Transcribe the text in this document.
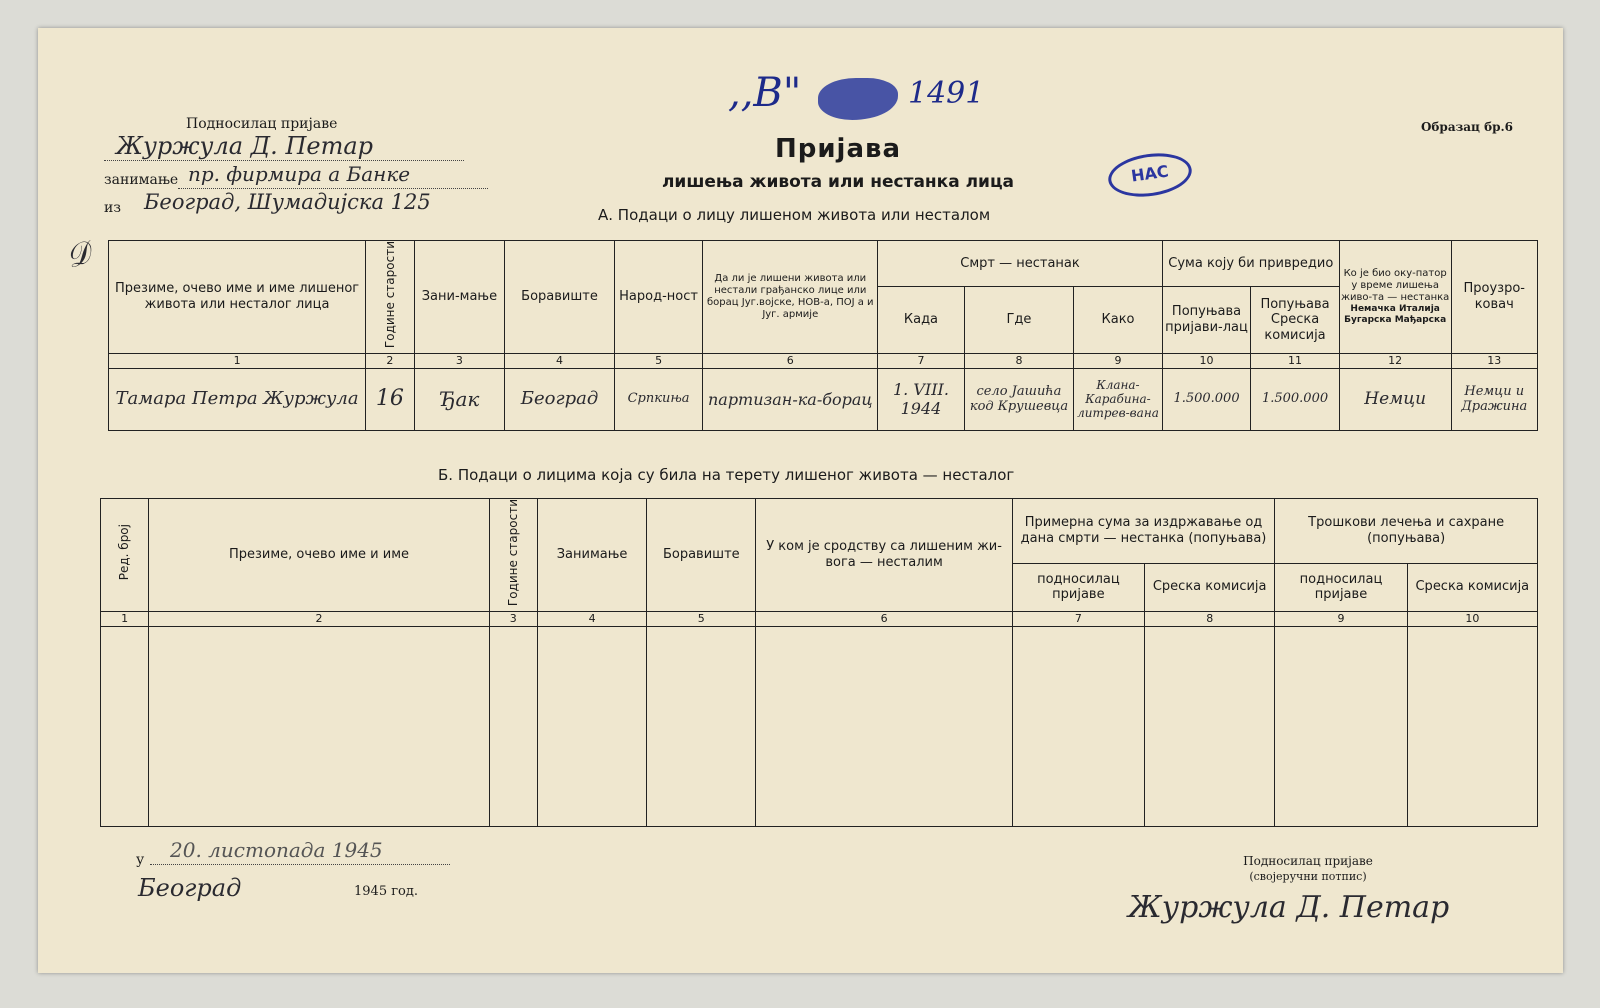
,,В"	1491
Образац бр.6
НАС
Подносилац пријаве
Журжула Д. Петар
занимање пр. фирмира а Банке
из Београд, Шумадијска 125
Пријава
лишења живота или нестанка лица
А. Подаци о лицу лишеном живота или несталом
𝒟
Презиме, очево име и име лишеног живота или несталог лица	Године старости	Зани-мање	Боравиште	Народ-ност	Да ли је лишени живота или нестали грађанско лице или борац Југ.војске, НОВ-а, ПОЈ а и Југ. армије	Смрт — нестанак			Сума коју би привредио		Ко је био оку-патор у време лишења живо-та — нестанка
Немачка Италија Бугарска Мађарска	Проузро-ковач
						Када	Где	Како	Попуњава пријави-лац	Попуњава Среска комисија		
1	2	3	4	5	6	7	8	9	10	11	12	13
Тамара Петра Журжула	16	Ђак	Београд	Српкиња	партизан-ка-борац	1. VIII. 1944	село Јашића код Крушевца	Клана-Карабина-литрев-вана	1.500.000	1.500.000	Немци	Немци и Дражина
Б. Подаци о лицима која су била на терету лишеног живота — несталог
Ред. број	Презиме, очево име и име	Године старости	Занимање	Боравиште	У ком је сродству са лишеним жи-вога — несталим	Примерна сума за издржавање од дана смрти — нестанка (попуњава)		Трошкови лечења и сахране (попуњава)	
						подносилац пријаве	Среска комисија	подносилац пријаве	Среска комисија
1	2	3	4	5	6	7	8	9	10

у 20. листопада 1945
Београд	1945 год.
Подносилац пријаве
(својеручни потпис)
Журжула Д. Петар
